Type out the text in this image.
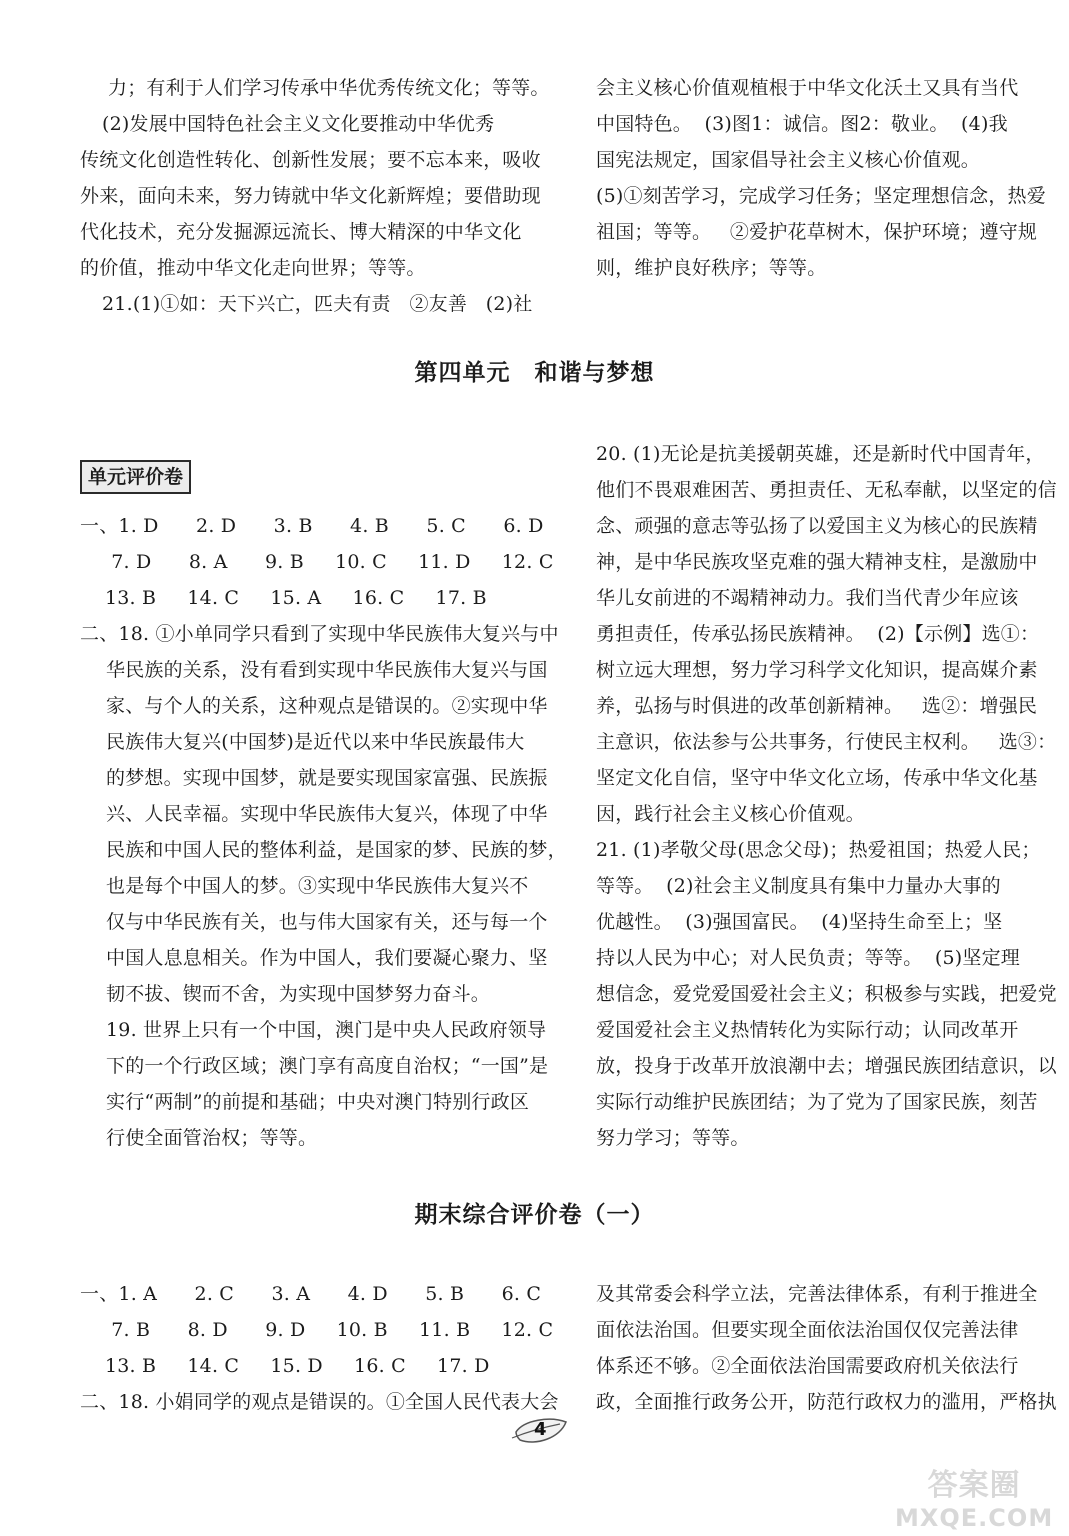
力；有利于人们学习传承中华优秀传统文化；等等。

(2)发展中国特色社会主义文化要推动中华优秀

传统文化创造性转化、创新性发展；要不忘本来，吸收

外来，面向未来，努力铸就中华文化新辉煌；要借助现

代化技术，充分发掘源远流长、博大精深的中华文化

的价值，推动中华文化走向世界；等等。

21.(1)①如：天下兴亡，匹夫有责   ②友善   (2)社

会主义核心价值观植根于中华文化沃土又具有当代

中国特色。  (3)图1：诚信。图2：敬业。  (4)我

国宪法规定，国家倡导社会主义核心价值观。

(5)①刻苦学习，完成学习任务；坚定理想信念，热爱

祖国；等等。   ②爱护花草树木，保护环境；遵守规

则，维护良好秩序；等等。

第四单元　和谐与梦想
单元评价卷

一、1. D      2. D      3. B      4. B      5. C      6. D

7. D      8. A      9. B     10. C     11. D     12. C

13. B     14. C     15. A     16. C     17. B

二、18. ①小单同学只看到了实现中华民族伟大复兴与中

华民族的关系，没有看到实现中华民族伟大复兴与国

家、与个人的关系，这种观点是错误的。②实现中华

民族伟大复兴(中国梦)是近代以来中华民族最伟大

的梦想。实现中国梦，就是要实现国家富强、民族振

兴、人民幸福。实现中华民族伟大复兴，体现了中华

民族和中国人民的整体利益，是国家的梦、民族的梦，

也是每个中国人的梦。③实现中华民族伟大复兴不

仅与中华民族有关，也与伟大国家有关，还与每一个

中国人息息相关。作为中国人，我们要凝心聚力、坚

韧不拔、锲而不舍，为实现中国梦努力奋斗。

19. 世界上只有一个中国，澳门是中央人民政府领导

下的一个行政区域；澳门享有高度自治权；“一国”是

实行“两制”的前提和基础；中央对澳门特别行政区

行使全面管治权；等等。

20. (1)无论是抗美援朝英雄，还是新时代中国青年，

他们不畏艰难困苦、勇担责任、无私奉献，以坚定的信

念、顽强的意志等弘扬了以爱国主义为核心的民族精

神，是中华民族攻坚克难的强大精神支柱，是激励中

华儿女前进的不竭精神动力。我们当代青少年应该

勇担责任，传承弘扬民族精神。  (2)【示例】选①：

树立远大理想，努力学习科学文化知识，提高媒介素

养，弘扬与时俱进的改革创新精神。   选②：增强民

主意识，依法参与公共事务，行使民主权利。   选③：

坚定文化自信，坚守中华文化立场，传承中华文化基

因，践行社会主义核心价值观。

21. (1)孝敬父母(思念父母)；热爱祖国；热爱人民；

等等。  (2)社会主义制度具有集中力量办大事的

优越性。  (3)强国富民。  (4)坚持生命至上；坚

持以人民为中心；对人民负责；等等。  (5)坚定理

想信念，爱党爱国爱社会主义；积极参与实践，把爱党

爱国爱社会主义热情转化为实际行动；认同改革开

放，投身于改革开放浪潮中去；增强民族团结意识，以

实际行动维护民族团结；为了党为了国家民族，刻苦

努力学习；等等。

期末综合评价卷（一）

一、1. A      2. C      3. A      4. D      5. B      6. C

7. B      8. D      9. D     10. B     11. B     12. C

13. B     14. C     15. D     16. C     17. D

二、18. 小娟同学的观点是错误的。①全国人民代表大会

及其常委会科学立法，完善法律体系，有利于推进全

面依法治国。但要实现全面依法治国仅仅完善法律

体系还不够。②全面依法治国需要政府机关依法行

政，全面推行政务公开，防范行政权力的滥用，严格执

4
答案圈
MXQE.COM
